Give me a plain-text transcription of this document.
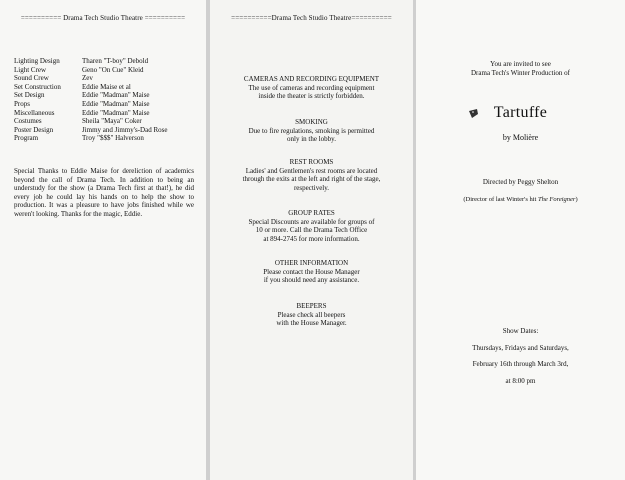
========== Drama Tech Studio Theatre ==========
Lighting Design	Tharen "T-boy" Debold
Light Crew	Geno "On Cue" Kleid
Sound Crew	Zev
Set Construction	Eddie Maise et al
Set Design	Eddie "Madman" Maise
Props	Eddie "Madman" Maise
Miscellaneous	Eddie "Madman" Maise
Costumes	Sheila "Maya" Coker
Poster Design	Jimmy and Jimmy's-Dad Rose
Program	Troy "$$$" Halverson
Special Thanks to Eddie Maise for dereliction of academics beyond the call of Drama Tech. In addition to being an understudy for the show (a Drama Tech first at that!), he did every job he could lay his hands on to help the show to production. It was a pleasure to have jobs finished while we weren't looking. Thanks for the magic, Eddie.
==========Drama Tech Studio Theatre==========
CAMERAS AND RECORDING EQUIPMENT
The use of cameras and recording equipment
inside the theater is strictly forbidden.
SMOKING
Due to fire regulations, smoking is permitted
only in the lobby.
REST ROOMS
Ladies' and Gentlemen's rest rooms are located
through the exits at the left and right of the stage,
respectively.
GROUP RATES
Special Discounts are available for groups of
10 or more. Call the Drama Tech Office
at 894-2745 for more information.
OTHER INFORMATION
Please contact the House Manager
if you should need any assistance.
BEEPERS
Please check all beepers
with the House Manager.
You are invited to see
Drama Tech's Winter Production of
Tartuffe
by Molière
Directed by Peggy Shelton
(Director of last Winter's hit The Foreigner)
Show Dates:
Thursdays, Fridays and Saturdays,
February 16th through March 3rd,
at 8:00 pm
